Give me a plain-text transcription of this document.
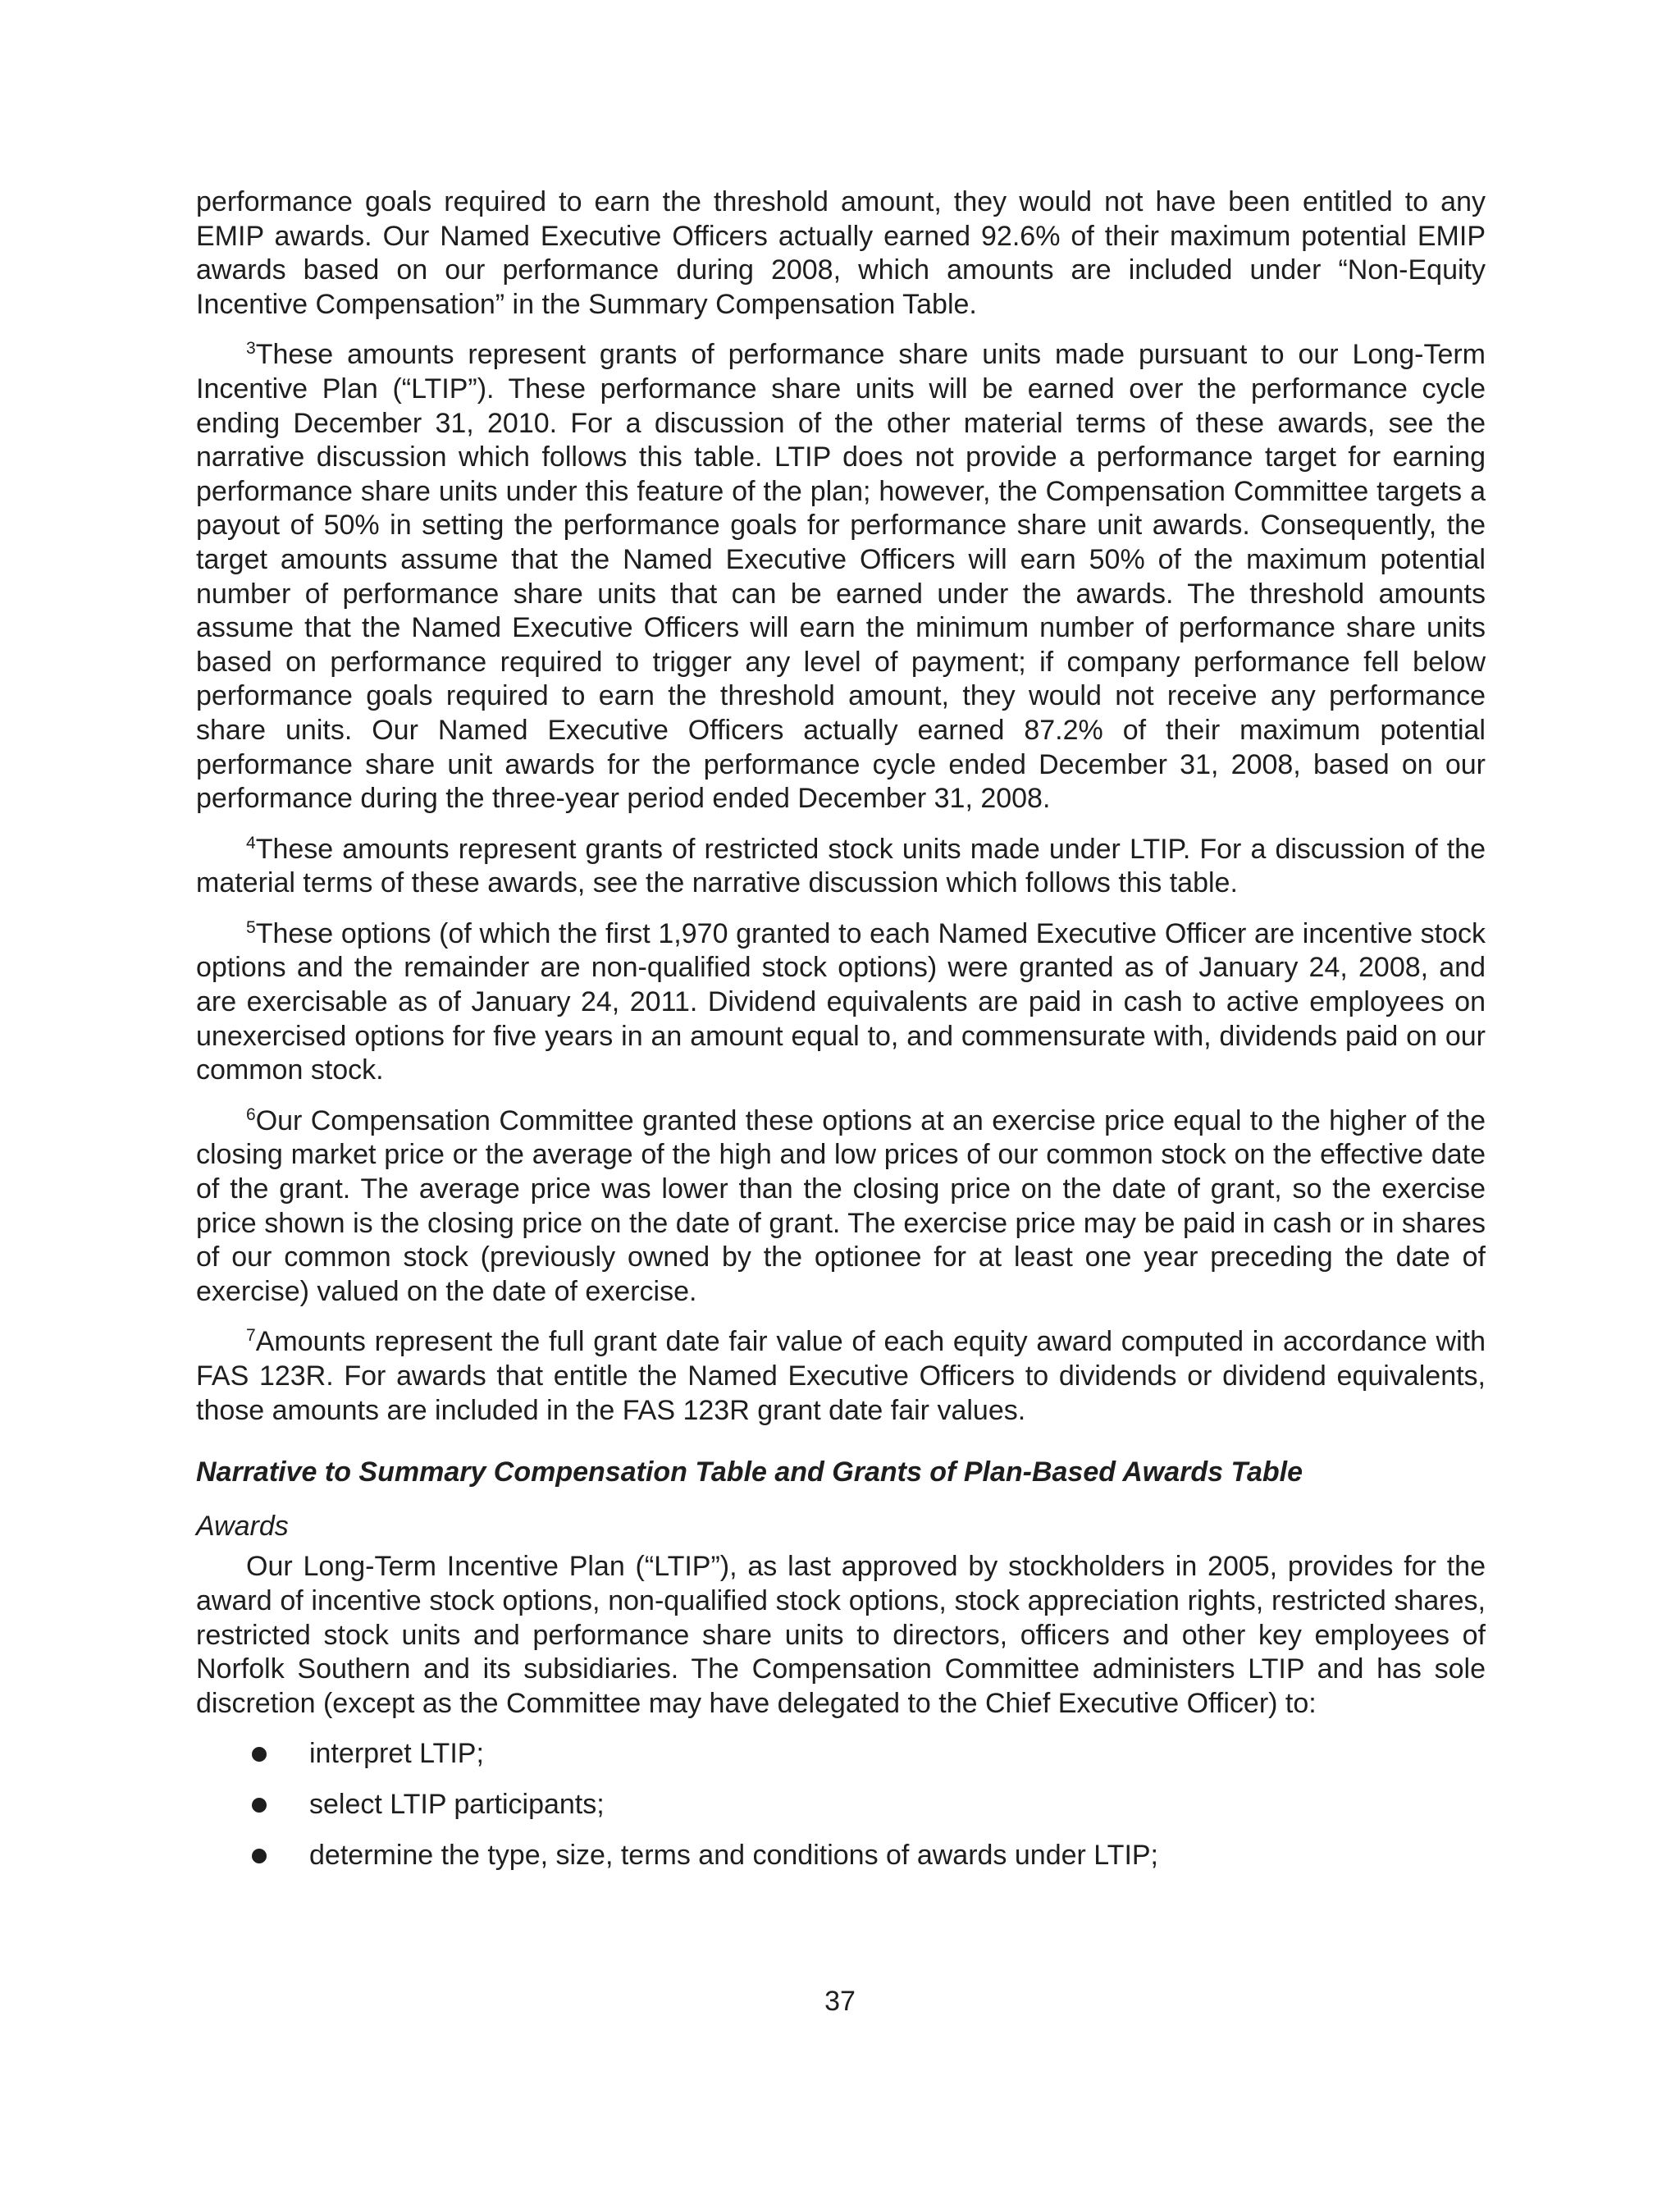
performance goals required to earn the threshold amount, they would not have been entitled to any EMIP awards. Our Named Executive Officers actually earned 92.6% of their maximum potential EMIP awards based on our performance during 2008, which amounts are included under “Non-Equity Incentive Compensation” in the Summary Compensation Table.

$^3$These amounts represent grants of performance share units made pursuant to our Long-Term Incentive Plan (“LTIP”). These performance share units will be earned over the performance cycle ending December 31, 2010. For a discussion of the other material terms of these awards, see the narrative discussion which follows this table. LTIP does not provide a performance target for earning performance share units under this feature of the plan; however, the Compensation Committee targets a payout of 50% in setting the performance goals for performance share unit awards. Consequently, the target amounts assume that the Named Executive Officers will earn 50% of the maximum potential number of performance share units that can be earned under the awards. The threshold amounts assume that the Named Executive Officers will earn the minimum number of performance share units based on performance required to trigger any level of payment; if company performance fell below performance goals required to earn the threshold amount, they would not receive any performance share units. Our Named Executive Officers actually earned 87.2% of their maximum potential performance share unit awards for the performance cycle ended December 31, 2008, based on our performance during the three-year period ended December 31, 2008.

$^4$These amounts represent grants of restricted stock units made under LTIP. For a discussion of the material terms of these awards, see the narrative discussion which follows this table.

$^5$These options (of which the first 1,970 granted to each Named Executive Officer are incentive stock options and the remainder are non-qualified stock options) were granted as of January 24, 2008, and are exercisable as of January 24, 2011. Dividend equivalents are paid in cash to active employees on unexercised options for five years in an amount equal to, and commensurate with, dividends paid on our common stock.

$^6$Our Compensation Committee granted these options at an exercise price equal to the higher of the closing market price or the average of the high and low prices of our common stock on the effective date of the grant. The average price was lower than the closing price on the date of grant, so the exercise price shown is the closing price on the date of grant. The exercise price may be paid in cash or in shares of our common stock (previously owned by the optionee for at least one year preceding the date of exercise) valued on the date of exercise.

$^7$Amounts represent the full grant date fair value of each equity award computed in accordance with FAS 123R. For awards that entitle the Named Executive Officers to dividends or dividend equivalents, those amounts are included in the FAS 123R grant date fair values.

Narrative to Summary Compensation Table and Grants of Plan-Based Awards Table

Awards

Our Long-Term Incentive Plan (“LTIP”), as last approved by stockholders in 2005, provides for the award of incentive stock options, non-qualified stock options, stock appreciation rights, restricted shares, restricted stock units and performance share units to directors, officers and other key employees of Norfolk Southern and its subsidiaries. The Compensation Committee administers LTIP and has sole discretion (except as the Committee may have delegated to the Chief Executive Officer) to:

interpret LTIP;
select LTIP participants;
determine the type, size, terms and conditions of awards under LTIP;
37
